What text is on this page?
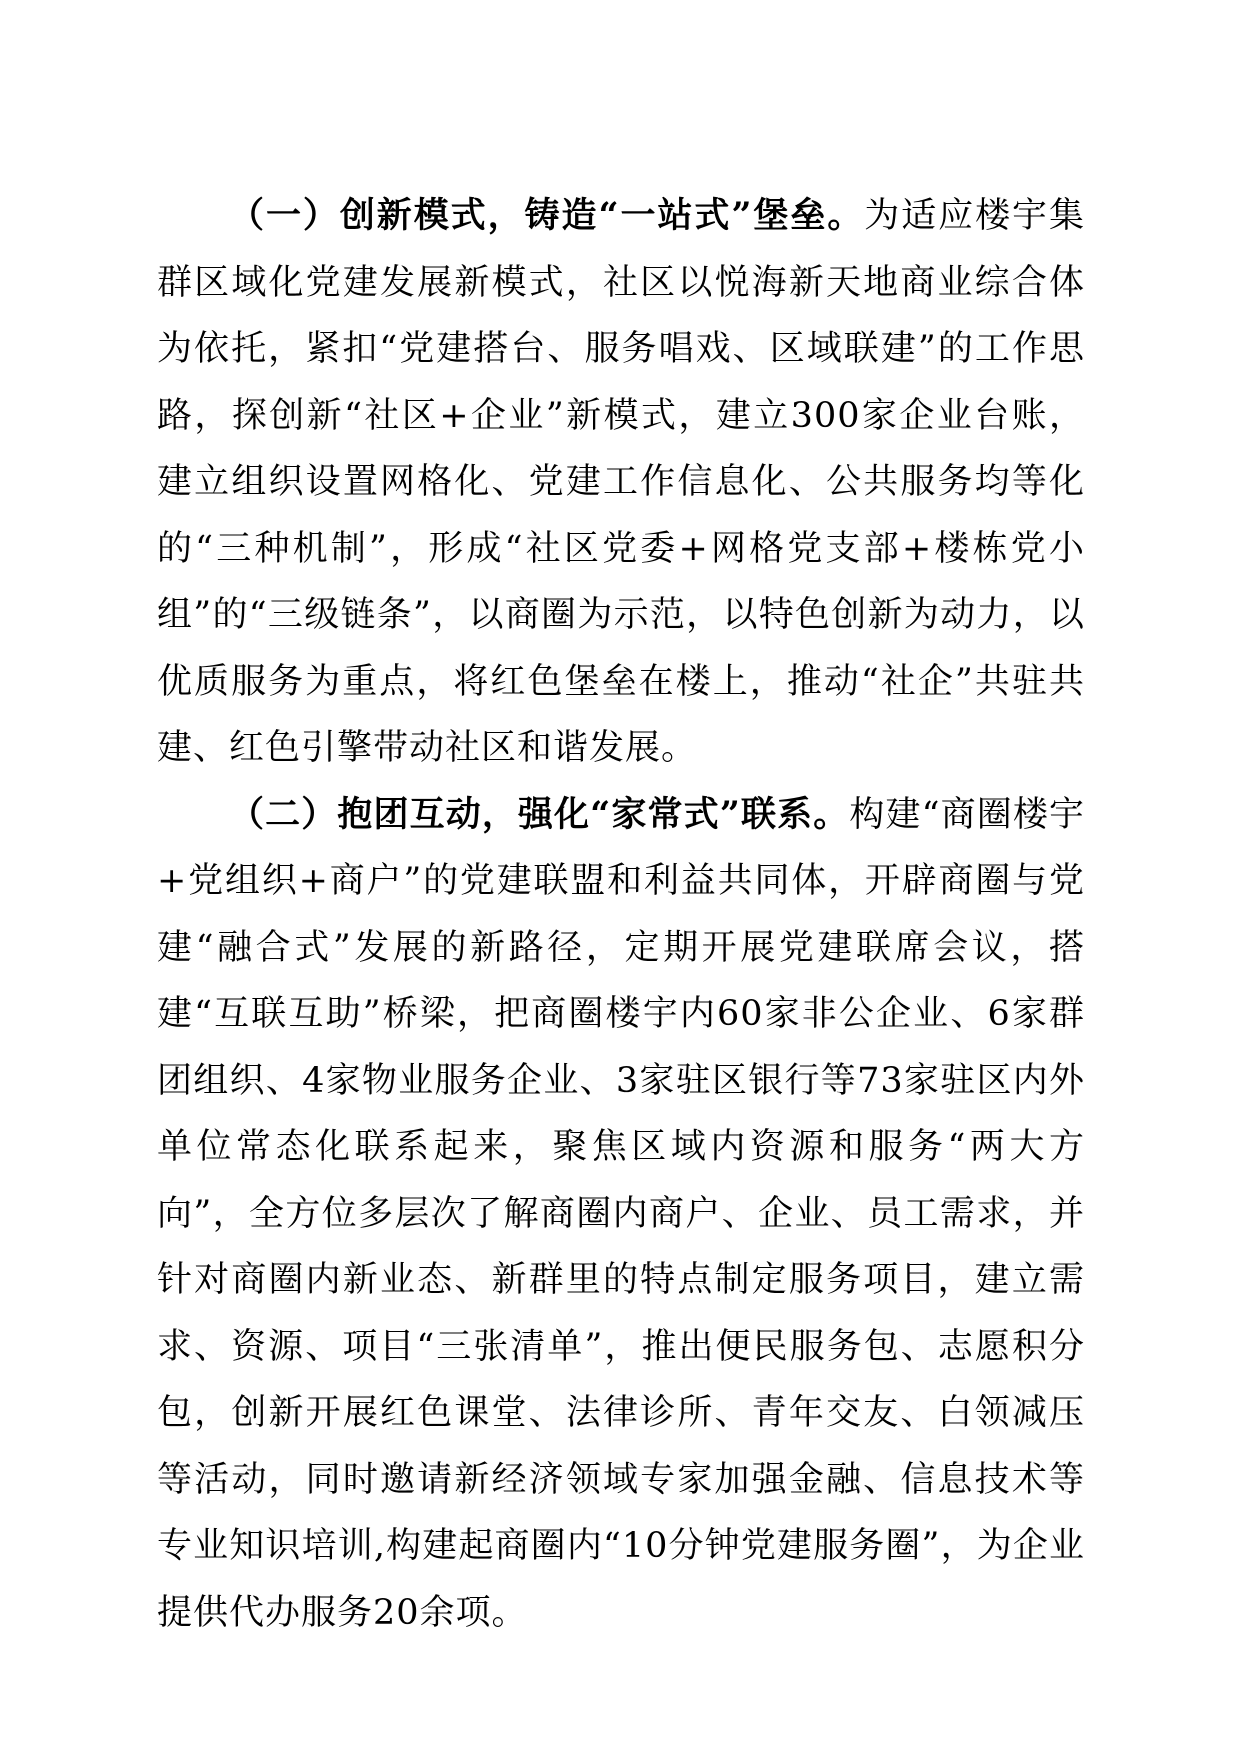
（一）创新模式，铸造“一站式”堡垒。为适应楼宇集群区域化党建发展新模式，社区以悦海新天地商业综合体为依托，紧扣“党建搭台、服务唱戏、区域联建”的工作思路，探创新“社区+企业”新模式，建立300家企业台账，建立组织设置网格化、党建工作信息化、公共服务均等化的“三种机制”，形成“社区党委+网格党支部+楼栋党小组”的“三级链条”，以商圈为示范，以特色创新为动力，以优质服务为重点，将红色堡垒在楼上，推动“社企”共驻共建、红色引擎带动社区和谐发展。

（二）抱团互动，强化“家常式”联系。构建“商圈楼宇+党组织+商户”的党建联盟和利益共同体，开辟商圈与党建“融合式”发展的新路径，定期开展党建联席会议，搭建“互联互助”桥梁，把商圈楼宇内60家非公企业、6家群团组织、4家物业服务企业、3家驻区银行等73家驻区内外单位常态化联系起来，聚焦区域内资源和服务“两大方向”，全方位多层次了解商圈内商户、企业、员工需求，并针对商圈内新业态、新群里的特点制定服务项目，建立需求、资源、项目“三张清单”，推出便民服务包、志愿积分包，创新开展红色课堂、法律诊所、青年交友、白领减压等活动，同时邀请新经济领域专家加强金融、信息技术等专业知识培训,构建起商圈内“10分钟党建服务圈”，为企业提供代办服务20余项。
